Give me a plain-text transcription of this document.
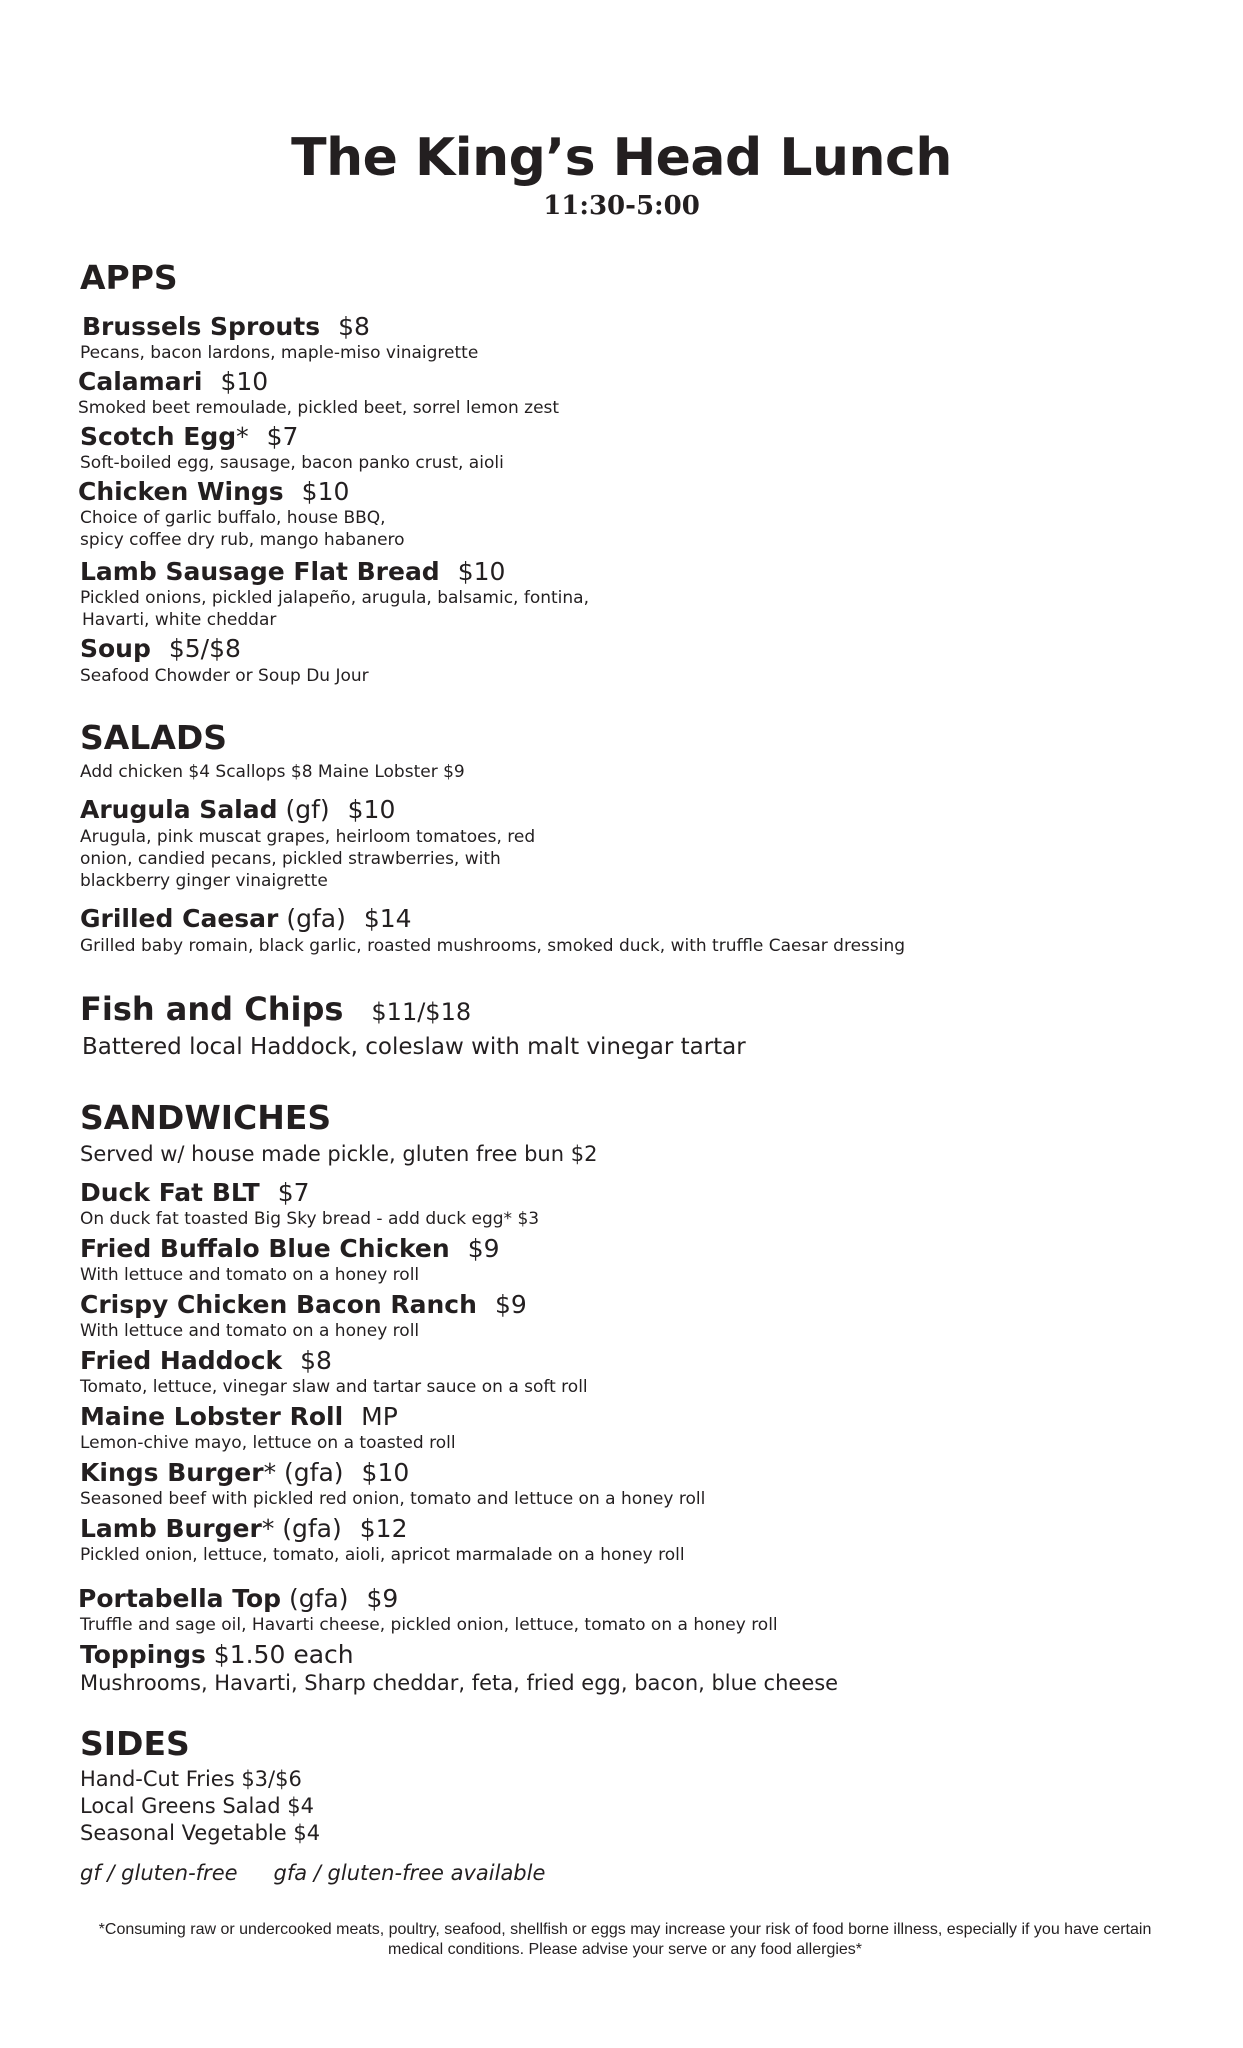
The King’s Head Lunch
11:30-5:00
APPS
Brussels Sprouts $8
Pecans, bacon lardons, maple-miso vinaigrette
Calamari $10
Smoked beet remoulade, pickled beet, sorrel lemon zest
Scotch Egg* $7
Soft-boiled egg, sausage, bacon panko crust, aioli
Chicken Wings $10
Choice of garlic buffalo, house BBQ,
spicy coffee dry rub, mango habanero
Lamb Sausage Flat Bread $10
Pickled onions, pickled jalapeño, arugula, balsamic, fontina,
Havarti, white cheddar
Soup $5/$8
Seafood Chowder or Soup Du Jour
SALADS
Add chicken $4 Scallops $8 Maine Lobster $9
Arugula Salad (gf) $10
Arugula, pink muscat grapes, heirloom tomatoes, red
onion, candied pecans, pickled strawberries, with
blackberry ginger vinaigrette
Grilled Caesar (gfa) $14
Grilled baby romain, black garlic, roasted mushrooms, smoked duck, with truffle Caesar dressing
Fish and Chips $11/$18
Battered local Haddock, coleslaw with malt vinegar tartar
SANDWICHES
Served w/ house made pickle, gluten free bun $2
Duck Fat BLT $7
On duck fat toasted Big Sky bread - add duck egg* $3
Fried Buffalo Blue Chicken $9
With lettuce and tomato on a honey roll
Crispy Chicken Bacon Ranch $9
With lettuce and tomato on a honey roll
Fried Haddock $8
Tomato, lettuce, vinegar slaw and tartar sauce on a soft roll
Maine Lobster Roll MP
Lemon-chive mayo, lettuce on a toasted roll
Kings Burger* (gfa) $10
Seasoned beef with pickled red onion, tomato and lettuce on a honey roll
Lamb Burger* (gfa) $12
Pickled onion, lettuce, tomato, aioli, apricot marmalade on a honey roll
Portabella Top (gfa) $9
Truffle and sage oil, Havarti cheese, pickled onion, lettuce, tomato on a honey roll
Toppings $1.50 each
Mushrooms, Havarti, Sharp cheddar, feta, fried egg, bacon, blue cheese
SIDES
Hand-Cut Fries $3/$6
Local Greens Salad $4
Seasonal Vegetable $4
gf / gluten-free gfa / gluten-free available
*Consuming raw or undercooked meats, poultry, seafood, shellfish or eggs may increase your risk of food borne illness, especially if you have certain medical conditions. Please advise your serve or any food allergies*
